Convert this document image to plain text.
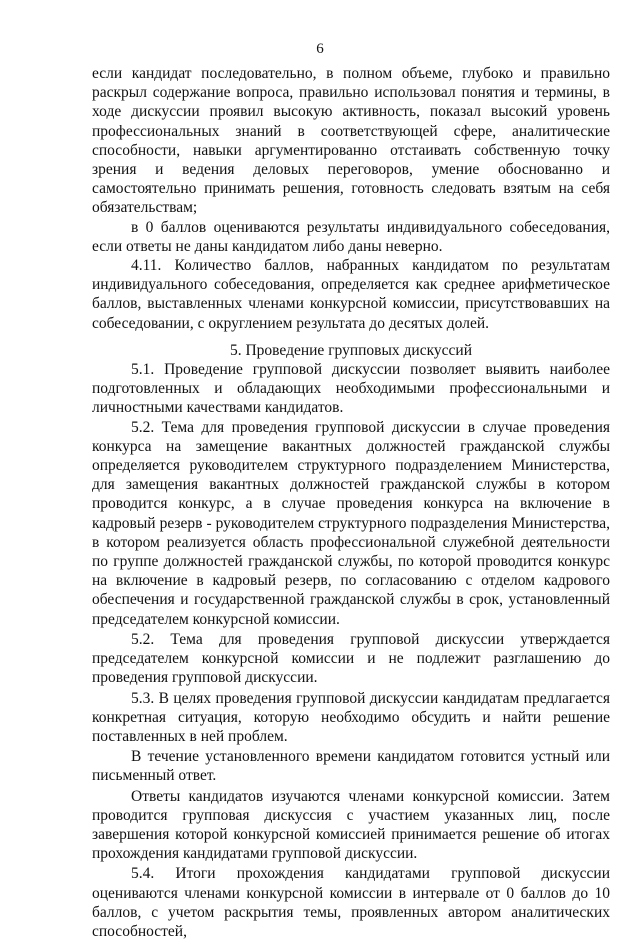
6

если кандидат последовательно, в полном объеме, глубоко и правильно раскрыл содержание вопроса, правильно использовал понятия и термины, в ходе дискуссии проявил высокую активность, показал высокий уровень профессиональных знаний в соответствующей сфере, аналитические способности, навыки аргументированно отстаивать собственную точку зрения и ведения деловых переговоров, умение обоснованно и самостоятельно принимать решения, готовность следовать взятым на себя обязательствам;

в 0 баллов оцениваются результаты индивидуального собеседования, если ответы не даны кандидатом либо даны неверно.

4.11. Количество баллов, набранных кандидатом по результатам индивидуального собеседования, определяется как среднее арифметическое баллов, выставленных членами конкурсной комиссии, присутствовавших на собеседовании, с округлением результата до десятых долей.

5. Проведение групповых дискуссий

5.1. Проведение групповой дискуссии позволяет выявить наиболее подготовленных и обладающих необходимыми профессиональными и личностными качествами кандидатов.

5.2. Тема для проведения групповой дискуссии в случае проведения конкурса на замещение вакантных должностей гражданской службы определяется руководителем структурного подразделением Министерства, для замещения вакантных должностей гражданской службы в котором проводится конкурс, а в случае проведения конкурса на включение в кадровый резерв - руководителем структурного подразделения Министерства, в котором реализуется область профессиональной служебной деятельности по группе должностей гражданской службы, по которой проводится конкурс на включение в кадровый резерв, по согласованию с отделом кадрового обеспечения и государственной гражданской службы в срок, установленный председателем конкурсной комиссии.

5.2. Тема для проведения групповой дискуссии утверждается председателем конкурсной комиссии и не подлежит разглашению до проведения групповой дискуссии.

5.3. В целях проведения групповой дискуссии кандидатам предлагается конкретная ситуация, которую необходимо обсудить и найти решение поставленных в ней проблем.

В течение установленного времени кандидатом готовится устный или письменный ответ.

Ответы кандидатов изучаются членами конкурсной комиссии. Затем проводится групповая дискуссия с участием указанных лиц, после завершения которой конкурсной комиссией принимается решение об итогах прохождения кандидатами групповой дискуссии.

5.4. Итоги прохождения кандидатами групповой дискуссии оцениваются членами конкурсной комиссии в интервале от 0 баллов до 10 баллов, с учетом раскрытия темы, проявленных автором аналитических способностей,
